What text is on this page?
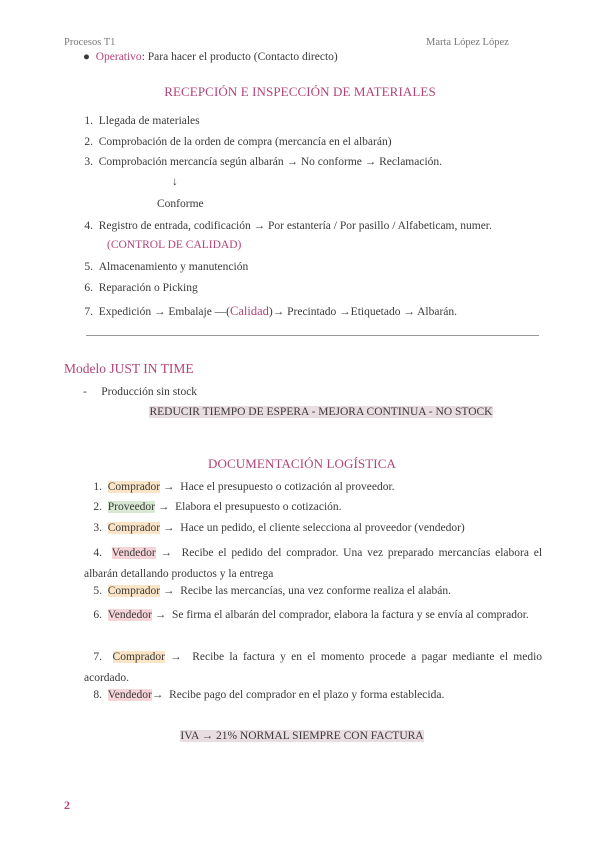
Procesos T1	Marta López López
● Operativo: Para hacer el producto (Contacto directo)
RECEPCIÓN E INSPECCIÓN DE MATERIALES
1. Llegada de materiales
2. Comprobación de la orden de compra (mercancía en el albarán)
3. Comprobación mercancía según albarán → No conforme → Reclamación.
↓
Conforme
4. Registro de entrada, codificación → Por estantería / Por pasillo / Alfabeticam, numer.
(CONTROL DE CALIDAD)
5. Almacenamiento y manutención
6. Reparación o Picking
7. Expedición → Embalaje —(Calidad)→ Precintado →Etiquetado → Albarán.
Modelo JUST IN TIME
- Producción sin stock
REDUCIR TIEMPO DE ESPERA - MEJORA CONTINUA - NO STOCK
DOCUMENTACIÓN LOGÍSTICA
1. Comprador →  Hace el presupuesto o cotización al proveedor.
2. Proveedor →  Elabora el presupuesto o cotización.
3. Comprador →  Hace un pedido, el cliente selecciona al proveedor (vendedor)
4. Vendedor →  Recibe el pedido del comprador. Una vez preparado mercancías elabora el albarán detallando productos y la entrega
5. Comprador →  Recibe las mercancías, una vez conforme realiza el alabán.
6. Vendedor →  Se firma el albarán del comprador, elabora la factura y se envía al comprador.
7. Comprador →  Recibe la factura y en el momento procede a pagar mediante el medio acordado.
8. Vendedor→  Recibe pago del comprador en el plazo y forma establecida.
IVA → 21% NORMAL SIEMPRE CON FACTURA
2
